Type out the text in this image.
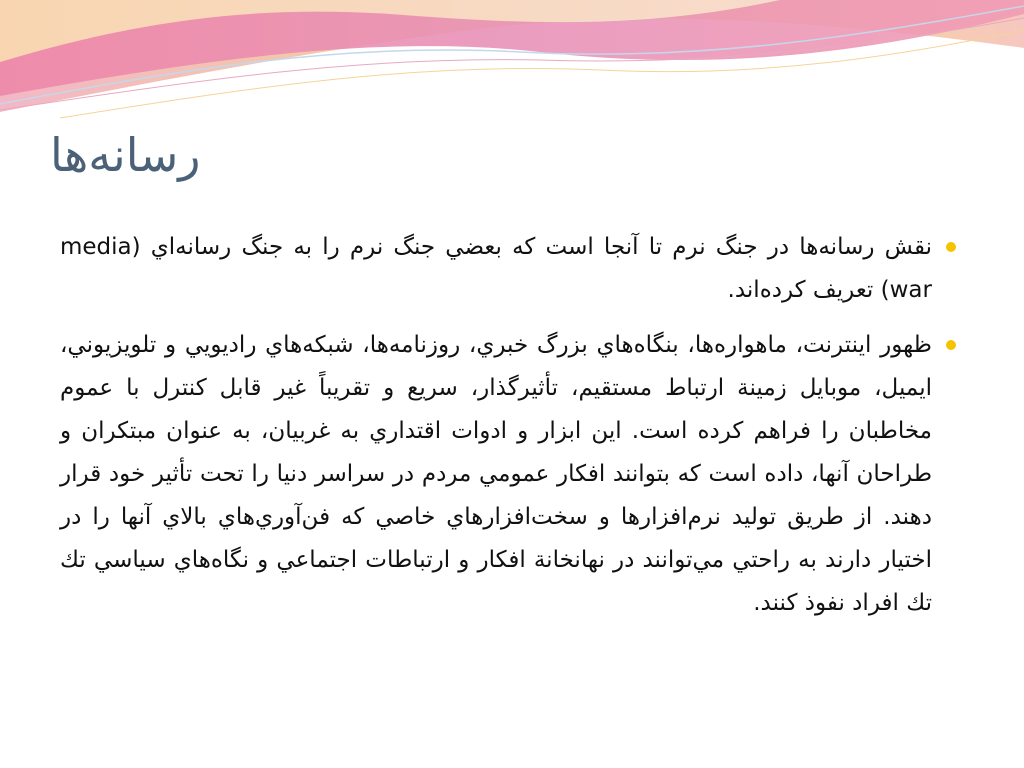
رسانه‌ها
نقش رسانه‌ها در جنگ نرم تا آنجا است که بعضي جنگ نرم را به جنگ رسانه‌اي (media war) تعريف كرده‌اند.
ظهور اينترنت، ماهواره‌ها، بنگاه‌هاي بزرگ خبري، روزنامه‌ها، شبكه‌هاي راديويي و تلويزيوني، ايميل، موبايل زمينة ارتباط مستقيم، تأثيرگذار، سريع و تقريباً غير قابل كنترل با عموم مخاطبان را فراهم كرده است. اين ابزار و ادوات اقتداري به غربيان، به عنوان مبتكران و طراحان آنها، داده است كه بتوانند افكار عمومي مردم در سراسر دنيا را تحت تأثير خود قرار دهند. از طريق توليد نرم‌افزارها و سخت‌افزارهاي خاصي كه فن‌آوري‌هاي بالاي آنها را در اختيار دارند به راحتي مي‌توانند در نهانخانة افكار و ارتباطات اجتماعي و نگاه‌هاي سياسي تك تك افراد نفوذ كنند.
